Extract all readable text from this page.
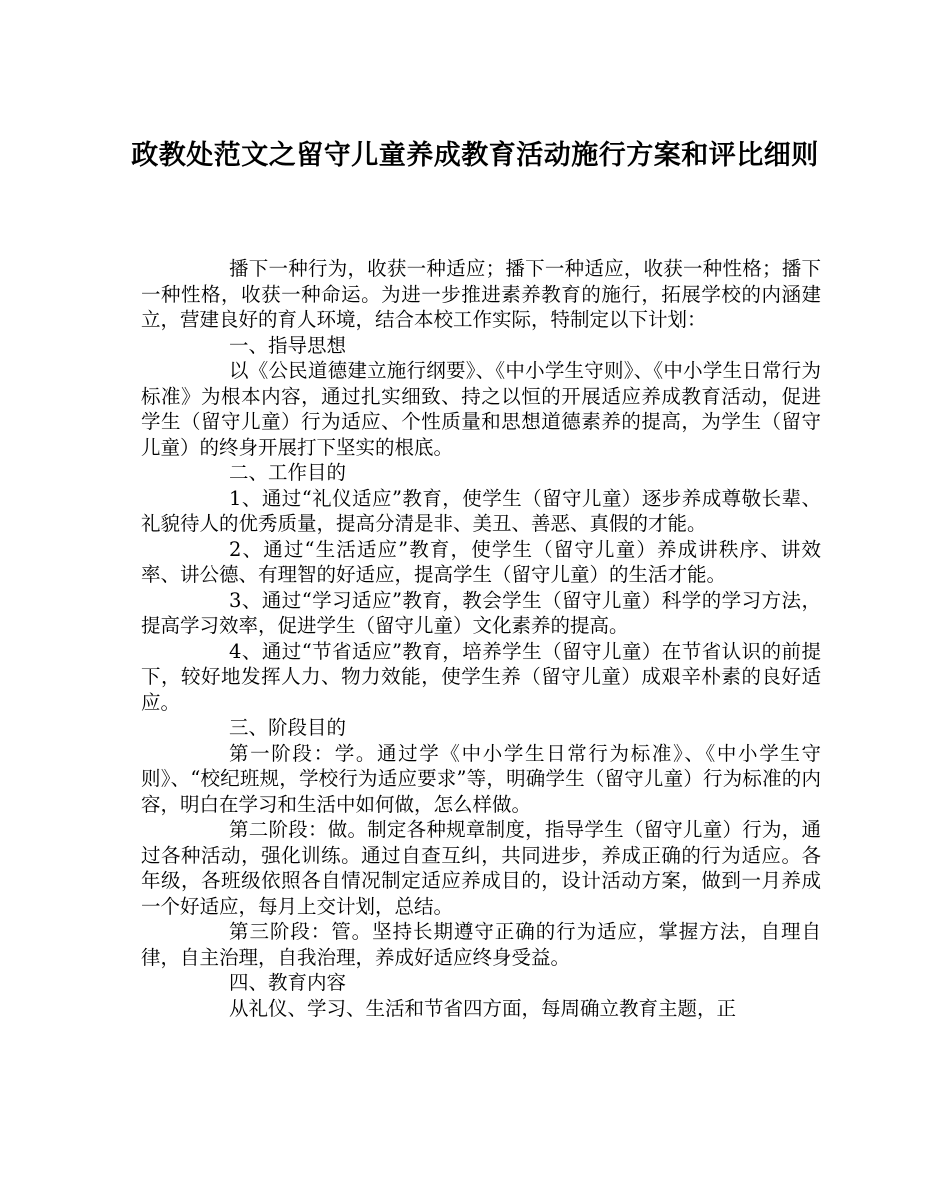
政教处范文之留守儿童养成教育活动施行方案和评比细则

播下一种行为，收获一种适应；播下一种适应，收获一种性格；播下一种性格，收获一种命运。为进一步推进素养教育的施行，拓展学校的内涵建立，营建良好的育人环境，结合本校工作实际，特制定以下计划：

一、指导思想

以《公民道德建立施行纲要》、《中小学生守则》、《中小学生日常行为标准》为根本内容，通过扎实细致、持之以恒的开展适应养成教育活动，促进学生（留守儿童）行为适应、个性质量和思想道德素养的提高，为学生（留守儿童）的终身开展打下坚实的根底。

二、工作目的

1、通过“礼仪适应”教育，使学生（留守儿童）逐步养成尊敬长辈、礼貌待人的优秀质量，提高分清是非、美丑、善恶、真假的才能。

2、通过“生活适应”教育，使学生（留守儿童）养成讲秩序、讲效率、讲公德、有理智的好适应，提高学生（留守儿童）的生活才能。

3、通过“学习适应”教育，教会学生（留守儿童）科学的学习方法，提高学习效率，促进学生（留守儿童）文化素养的提高。

4、通过“节省适应”教育，培养学生（留守儿童）在节省认识的前提下，较好地发挥人力、物力效能，使学生养（留守儿童）成艰辛朴素的良好适应。

三、阶段目的

第一阶段：学。通过学《中小学生日常行为标准》、《中小学生守则》、“校纪班规，学校行为适应要求”等，明确学生（留守儿童）行为标准的内容，明白在学习和生活中如何做，怎么样做。

第二阶段：做。制定各种规章制度，指导学生（留守儿童）行为，通过各种活动，强化训练。通过自查互纠，共同进步，养成正确的行为适应。各年级，各班级依照各自情况制定适应养成目的，设计活动方案，做到一月养成一个好适应，每月上交计划，总结。

第三阶段：管。坚持长期遵守正确的行为适应，掌握方法，自理自律，自主治理，自我治理，养成好适应终身受益。

四、教育内容

从礼仪、学习、生活和节省四方面，每周确立教育主题，正
